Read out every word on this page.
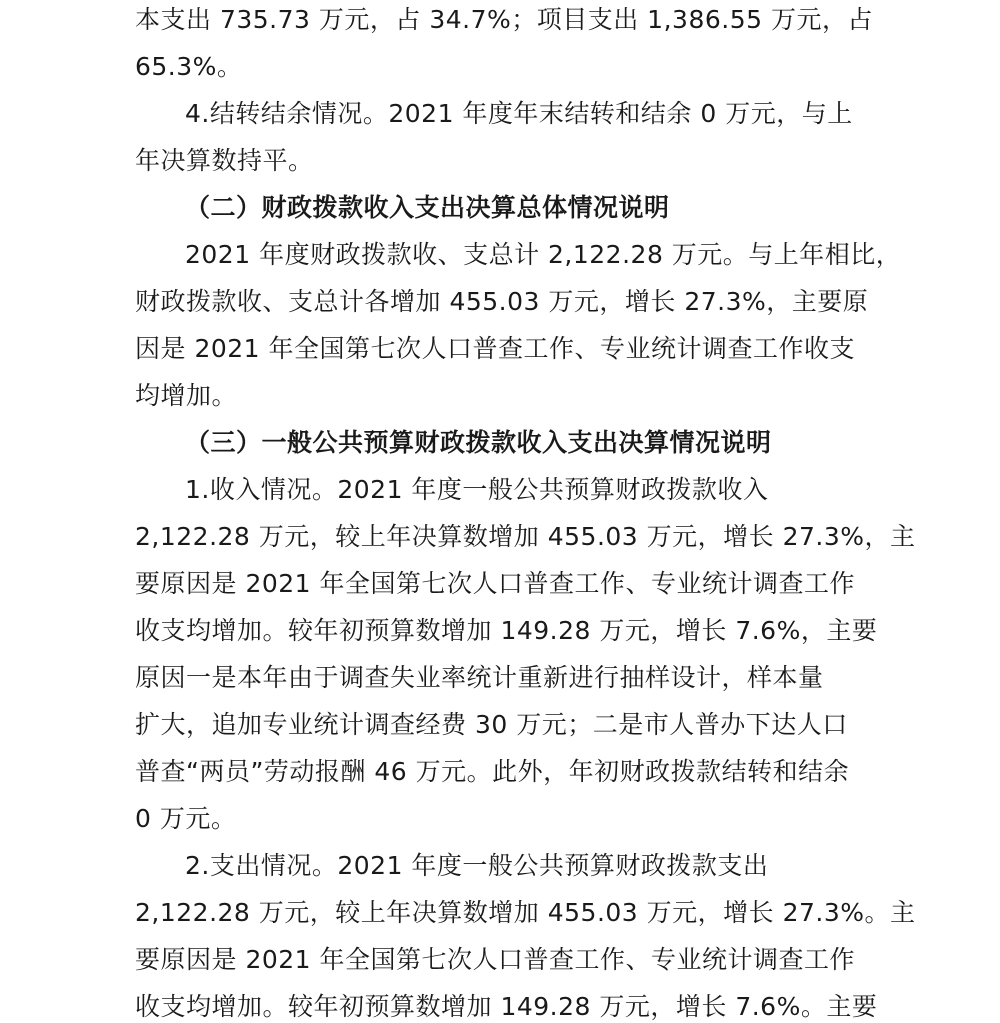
本支出 735.73 万元，占 34.7%；项目支出 1,386.55 万元，占
65.3%。
4.结转结余情况。2021 年度年末结转和结余 0 万元，与上
年决算数持平。
（二）财政拨款收入支出决算总体情况说明
2021 年度财政拨款收、支总计 2,122.28 万元。与上年相比，
财政拨款收、支总计各增加 455.03 万元，增长 27.3%，主要原
因是 2021 年全国第七次人口普查工作、专业统计调查工作收支
均增加。
（三）一般公共预算财政拨款收入支出决算情况说明
1.收入情况。2021 年度一般公共预算财政拨款收入
2,122.28 万元，较上年决算数增加 455.03 万元，增长 27.3%，主
要原因是 2021 年全国第七次人口普查工作、专业统计调查工作
收支均增加。较年初预算数增加 149.28 万元，增长 7.6%，主要
原因一是本年由于调查失业率统计重新进行抽样设计，样本量
扩大，追加专业统计调查经费 30 万元；二是市人普办下达人口
普查“两员”劳动报酬 46 万元。此外，年初财政拨款结转和结余
0 万元。
2.支出情况。2021 年度一般公共预算财政拨款支出
2,122.28 万元，较上年决算数增加 455.03 万元，增长 27.3%。主
要原因是 2021 年全国第七次人口普查工作、专业统计调查工作
收支均增加。较年初预算数增加 149.28 万元，增长 7.6%。主要
